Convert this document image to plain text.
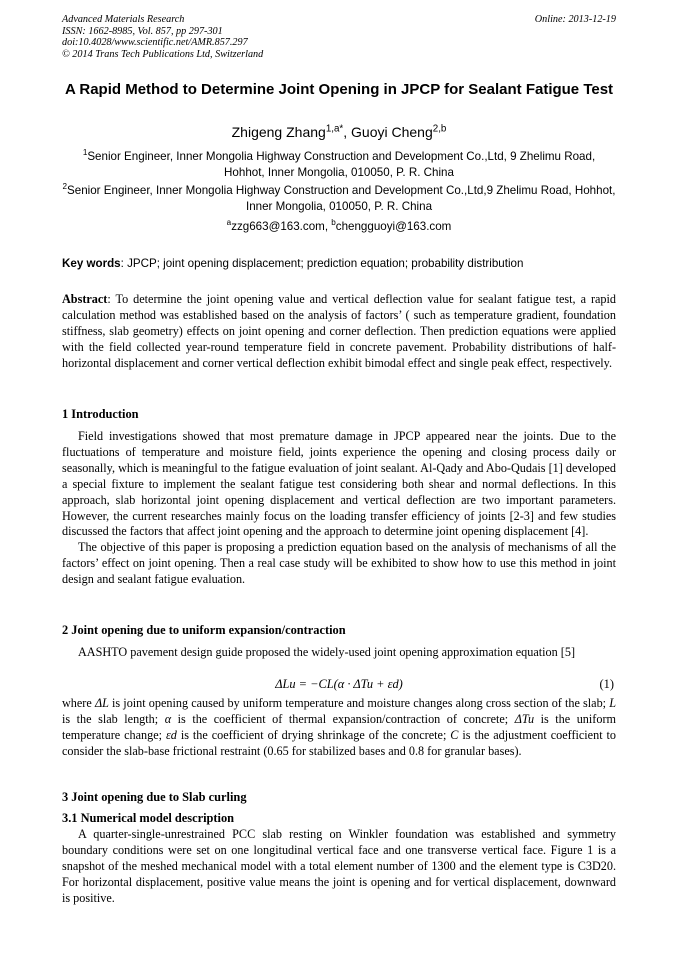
Advanced Materials Research
ISSN: 1662-8985, Vol. 857, pp 297-301
doi:10.4028/www.scientific.net/AMR.857.297
© 2014 Trans Tech Publications Ltd, Switzerland
Online: 2013-12-19
A Rapid Method to Determine Joint Opening in JPCP for Sealant Fatigue Test
Zhigeng Zhang$^{1,a*}$, Guoyi Cheng$^{2,b}$
$^1$Senior Engineer, Inner Mongolia Highway Construction and Development Co.,Ltd, 9 Zhelimu Road, Hohhot, Inner Mongolia, 010050, P. R. China
$^2$Senior Engineer, Inner Mongolia Highway Construction and Development Co.,Ltd,9 Zhelimu Road, Hohhot, Inner Mongolia, 010050, P. R. China
$^a$zzg663@163.com, $^b$chengguoyi@163.com
Key words: JPCP; joint opening displacement; prediction equation; probability distribution
Abstract: To determine the joint opening value and vertical deflection value for sealant fatigue test, a rapid calculation method was established based on the analysis of factors’ ( such as temperature gradient, foundation stiffness, slab geometry) effects on joint opening and corner deflection. Then prediction equations were applied with the field collected year-round temperature field in concrete pavement. Probability distributions of half-horizontal displacement and corner vertical deflection exhibit bimodal effect and single peak effect, respectively.
1 Introduction

Field investigations showed that most premature damage in JPCP appeared near the joints. Due to the fluctuations of temperature and moisture field, joints experience the opening and closing process daily or seasonally, which is meaningful to the fatigue evaluation of joint sealant. Al-Qady and Abo-Qudais [1] developed a special fixture to implement the sealant fatigue test considering both shear and normal deflections. In this approach, slab horizontal joint opening displacement and vertical deflection are two important parameters. However, the current researches mainly focus on the loading transfer efficiency of joints [2-3] and few studies discussed the factors that affect joint opening and the approach to determine joint opening displacement [4].

The objective of this paper is proposing a prediction equation based on the analysis of mechanisms of all the factors’ effect on joint opening. Then a real case study will be exhibited to show how to use this method in joint design and sealant fatigue evaluation.

2 Joint opening due to uniform expansion/contraction

AASHTO pavement design guide proposed the widely-used joint opening approximation equation [5]

ΔLu = −CL(α · ΔTu + εd)	(1)
where ΔL is joint opening caused by uniform temperature and moisture changes along cross section of the slab; L is the slab length; α is the coefficient of thermal expansion/contraction of concrete; ΔTu is the uniform temperature change; εd is the coefficient of drying shrinkage of the concrete; C is the adjustment coefficient to consider the slab-base frictional restraint (0.65 for stabilized bases and 0.8 for granular bases).
3 Joint opening due to Slab curling
3.1 Numerical model description

A quarter-single-unrestrained PCC slab resting on Winkler foundation was established and symmetry boundary conditions were set on one longitudinal vertical face and one transverse vertical face. Figure 1 is a snapshot of the meshed mechanical model with a total element number of 1300 and the element type is C3D20. For horizontal displacement, positive value means the joint is opening and for vertical displacement, downward is positive.
